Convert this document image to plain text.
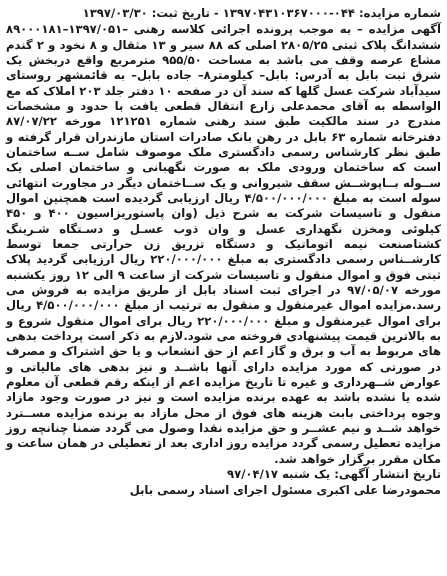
شماره مزایده: ۰۴۴-۱۳۹۷۰۴۳۱۰۳۶۷۰۰۰ - تاریخ ثبت: ۱۳۹۷/۰۳/۳۰

آگهی مزایده – به موجب پرونده اجرائی کلاسه رهنی –۱۳۹۷/۰۵۱–۸۹۰۰۰۱۸۱ ششدانگ پلاک ثبتی ۲۸۰۵/۲۵ اصلی که ۸۸ سیر و ۱۳ مثقال و ۸ نخود و ۲ گندم مشاع عرصه وقف می باشد به مساحت ۹۵۵/۵۰ مترمربع واقع دربخش یک شرق ثبت بابل به آدرس: بابل– کیلومتر۸– جاده بابل– به قائمشهر روستای سیدآباد شرکت عسل گلها که سند آن در صفحه ۱۰ دفتر جلد ۲۰۳ املاک که مع الواسطه به آقای محمدعلی زارع انتقال قطعی یافت با حدود و مشخصات مندرج در سند مالکیت طبق سند رهنی شماره ۱۲۱۲۵۱ مورخه ۸۷/۰۷/۲۲ دفترخانه شماره ۶۳ بابل در رهن بانک صادرات استان مازندران قرار گرفته و طبق نظر کارشناس رسمی دادگستری ملک موصوف شامل ســه ساختمان است که ساختمان ورودی ملک به صورت نگهبانی و ساختمان اصلی یک ســوله بــاپوشــش سقف شیروانی و یک ســاختمان دیگر در مجاورت انتهائی سوله است به مبلغ ۴/۵۰۰/۰۰۰/۰۰۰ ریال ارزیابی گردیده است همچنین اموال منقول و تاسیسات شرکت به شرح ذیل (وان پاستوریزاسیون ۴۰۰ و ۴۵۰ کیلوئی ومخزن نگهداری عسل و وان ذوب عسـل و دسـتگاه شـرینگ کشتاصنعت نیمه اتوماتیک و دستگاه تزریق زن حرارتی جمعا توسط کارشــناس رسمی دادگستری به مبلغ ۲۲۰/۰۰۰/۰۰۰ ریال ارزیابی گردید پلاک ثبتی فوق و اموال منقول و تاسیسات شرکت از ساعت ۹ الی ۱۲ روز یکشنبه مورخه ۹۷/۰۵/۰۷ در اجرای ثبت اسناد بابل از طریق مزایده به فروش می رسد.مزایده اموال غیرمنقول و منقول به ترتیب از مبلغ ۴/۵۰۰/۰۰۰/۰۰۰ ریال برای اموال غیرمنقول و مبلغ ۲۲۰/۰۰۰/۰۰۰ ریال برای اموال منقول شروع و به بالاترین قیمت پیشنهادی فروخته می شود.لازم به ذکر است پرداخت بدهی های مربوط به آب و برق و گاز اعم از حق انشعاب و یا حق اشتراک و مصرف در صورتی که مورد مزایده دارای آنها باشــد و نیز بدهی های مالیاتی و عوارض شــهرداری و غیره تا تاریخ مزایده اعم از اینکه رقم قطعی آن معلوم شده یا نشده باشد به عهده برنده مزایده است و نیز در صورت وجود مازاد وجوه پرداختی بابت هزینه های فوق از محل مازاد به برنده مزایده مســترد خواهد شــد و نیم عشــر و حق مزایده نقدا وصول می گردد ضمنا چنانچه روز مزایده تعطیل رسمی گردد مزایده روز اداری بعد از تعطیلی در همان ساعت و مکان مقرر برگزار خواهد شد.

تاریخ انتشار آگهی: یک شنبه ۹۷/۰۴/۱۷

محمودرضا علی اکبری مسئول اجرای اسناد رسمی بابل
